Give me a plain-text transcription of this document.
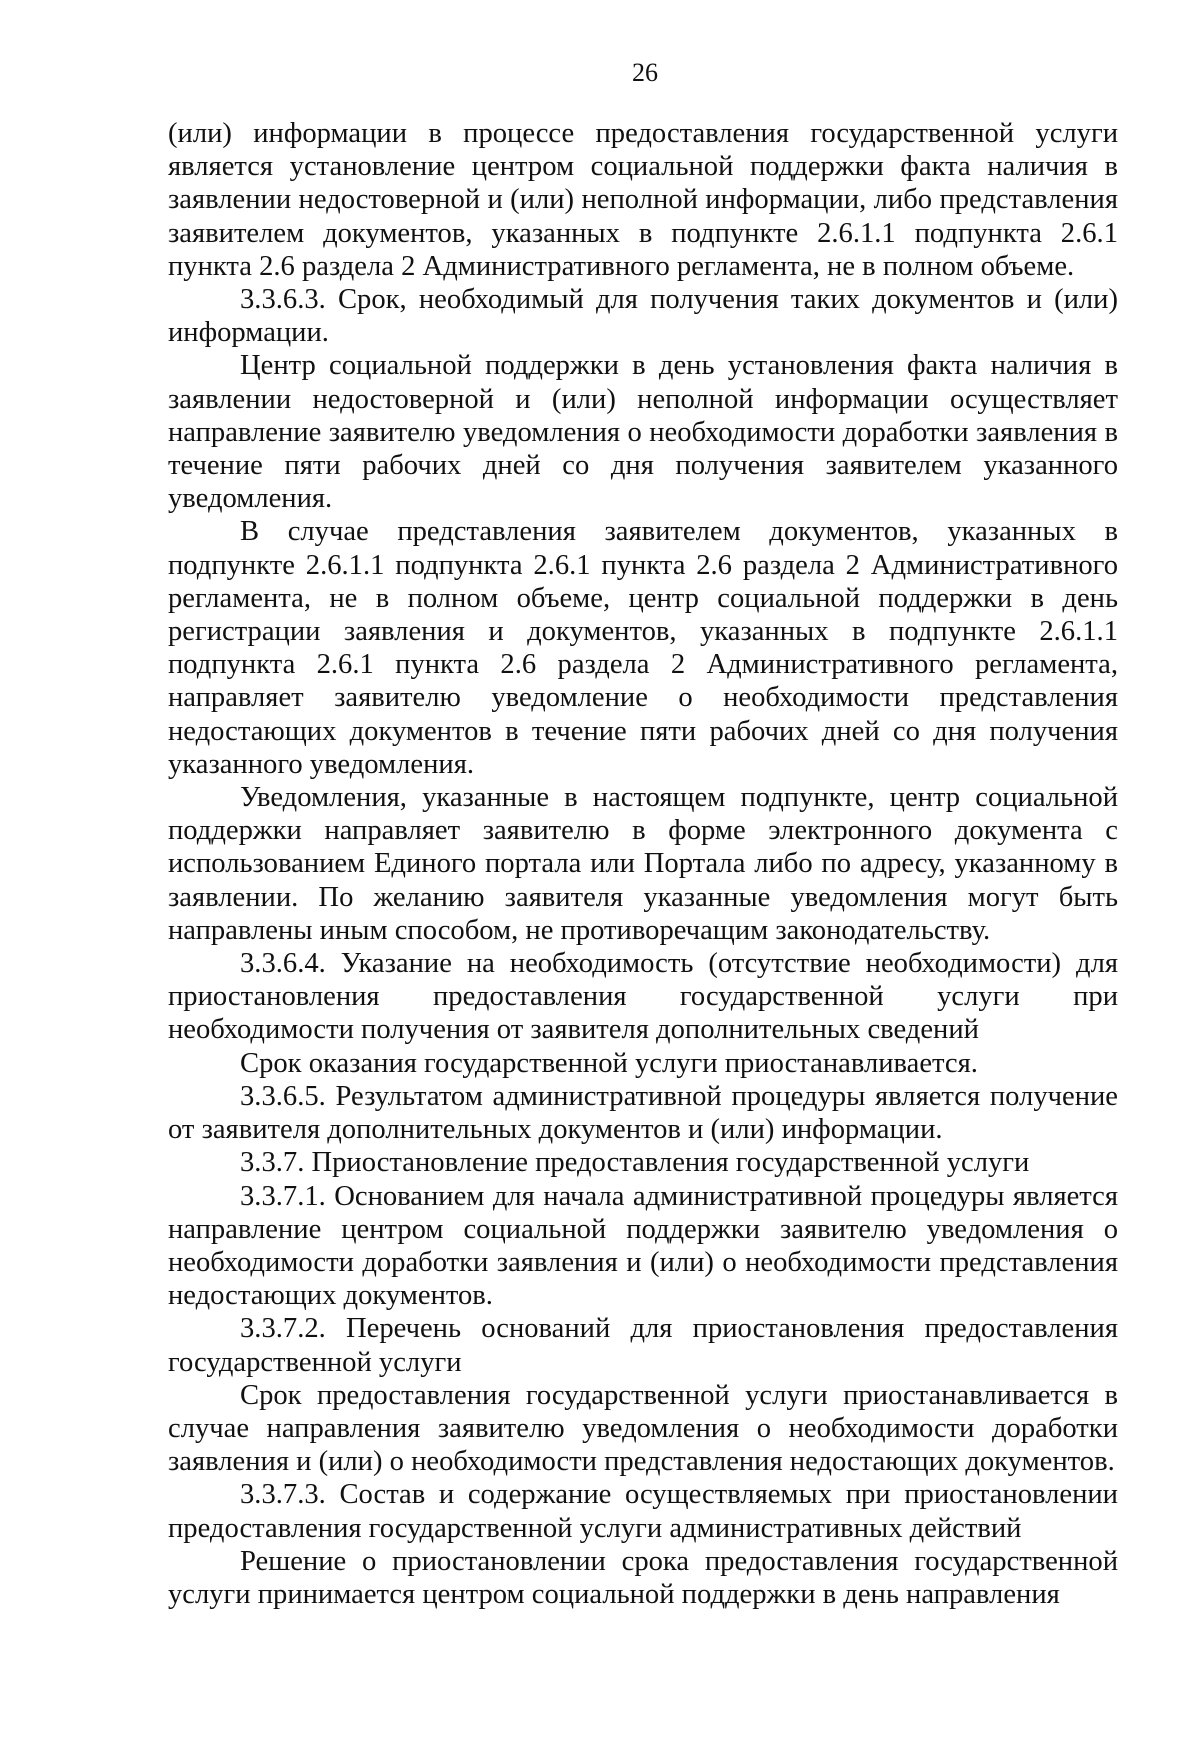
26

(или) информации в процессе предоставления государственной услуги является установление центром социальной поддержки факта наличия в заявлении недостоверной и (или) неполной информации, либо представления заявителем документов, указанных в подпункте 2.6.1.1 подпункта 2.6.1 пункта 2.6 раздела 2 Административного регламента, не в полном объеме.

3.3.6.3. Срок, необходимый для получения таких документов и (или) информации.

Центр социальной поддержки в день установления факта наличия в заявлении недостоверной и (или) неполной информации осуществляет направление заявителю уведомления о необходимости доработки заявления в течение пяти рабочих дней со дня получения заявителем указанного уведомления.

В случае представления заявителем документов, указанных в подпункте 2.6.1.1 подпункта 2.6.1 пункта 2.6 раздела 2 Административного регламента, не в полном объеме, центр социальной поддержки в день регистрации заявления и документов, указанных в подпункте 2.6.1.1 подпункта 2.6.1 пункта 2.6 раздела 2 Административного регламента, направляет заявителю уведомление о необходимости представления недостающих документов в течение пяти рабочих дней со дня получения указанного уведомления.

Уведомления, указанные в настоящем подпункте, центр социальной поддержки направляет заявителю в форме электронного документа с использованием Единого портала или Портала либо по адресу, указанному в заявлении. По желанию заявителя указанные уведомления могут быть направлены иным способом, не противоречащим законодательству.

3.3.6.4. Указание на необходимость (отсутствие необходимости) для приостановления предоставления государственной услуги при необходимости получения от заявителя дополнительных сведений

Срок оказания государственной услуги приостанавливается.

3.3.6.5. Результатом административной процедуры является получение от заявителя дополнительных документов и (или) информации.

3.3.7. Приостановление предоставления государственной услуги

3.3.7.1. Основанием для начала административной процедуры является направление центром социальной поддержки заявителю уведомления о необходимости доработки заявления и (или) о необходимости представления недостающих документов.

3.3.7.2. Перечень оснований для приостановления предоставления государственной услуги

Срок предоставления государственной услуги приостанавливается в случае направления заявителю уведомления о необходимости доработки заявления и (или) о необходимости представления недостающих документов.

3.3.7.3. Состав и содержание осуществляемых при приостановлении предоставления государственной услуги административных действий

Решение о приостановлении срока предоставления государственной услуги принимается центром социальной поддержки в день направления
